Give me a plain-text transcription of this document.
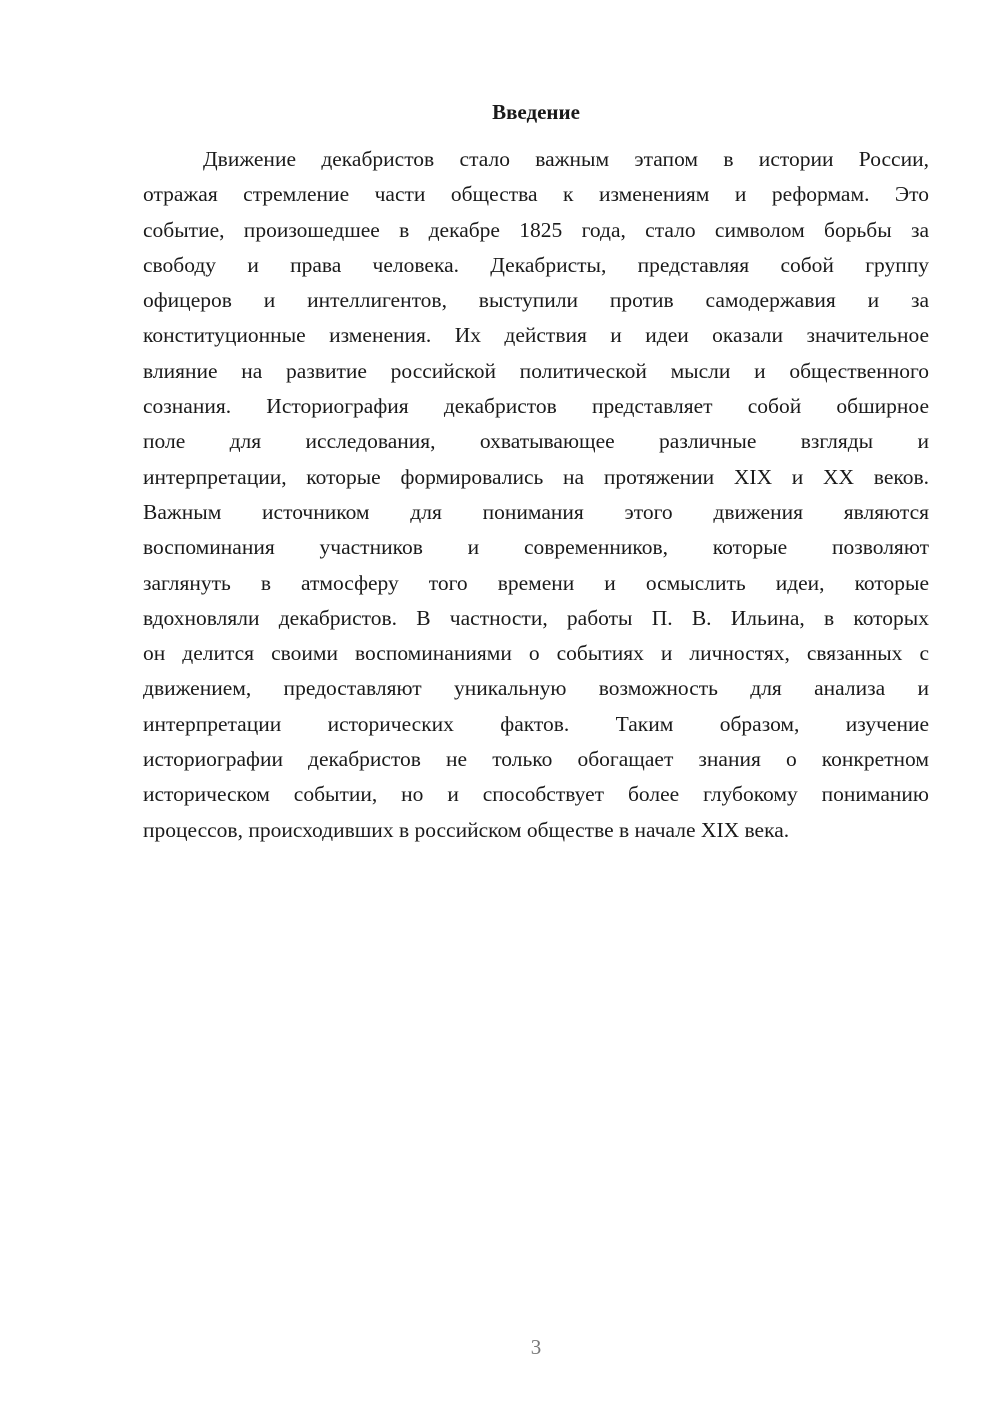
Введение
Движение декабристов стало важным этапом в истории России,
отражая стремление части общества к изменениям и реформам. Это
событие, произошедшее в декабре 1825 года, стало символом борьбы за
свободу и права человека. Декабристы, представляя собой группу
офицеров и интеллигентов, выступили против самодержавия и за
конституционные изменения. Их действия и идеи оказали значительное
влияние на развитие российской политической мысли и общественного
сознания. Историография декабристов представляет собой обширное
поле для исследования, охватывающее различные взгляды и
интерпретации, которые формировались на протяжении XIX и XX веков.
Важным источником для понимания этого движения являются
воспоминания участников и современников, которые позволяют
заглянуть в атмосферу того времени и осмыслить идеи, которые
вдохновляли декабристов. В частности, работы П. В. Ильина, в которых
он делится своими воспоминаниями о событиях и личностях, связанных с
движением, предоставляют уникальную возможность для анализа и
интерпретации исторических фактов. Таким образом, изучение
историографии декабристов не только обогащает знания о конкретном
историческом событии, но и способствует более глубокому пониманию
процессов, происходивших в российском обществе в начале XIX века.
3
